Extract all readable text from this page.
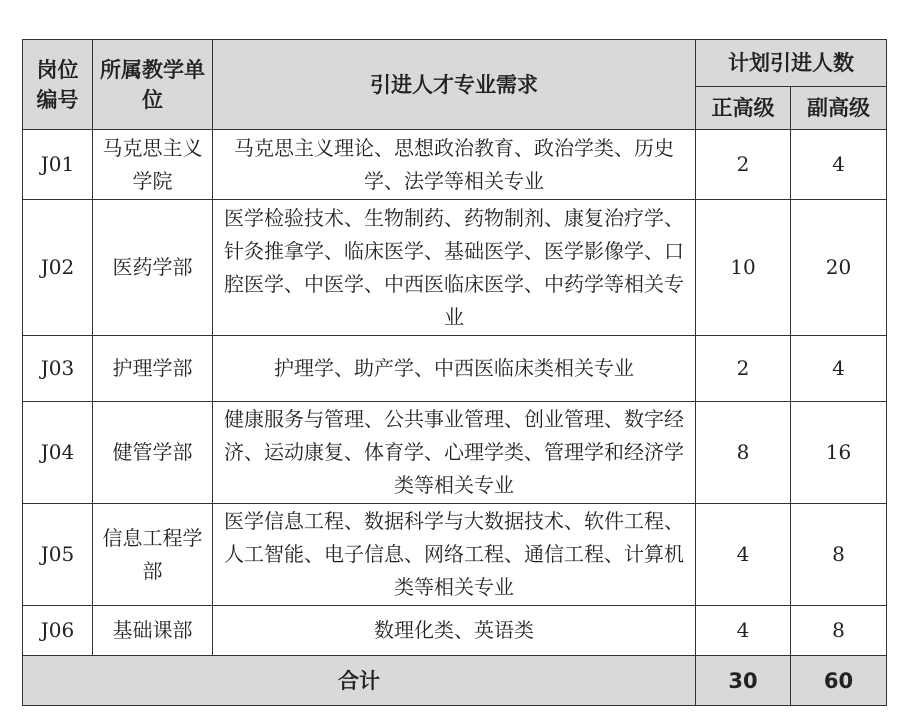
岗位编号	所属教学单位	引进人才专业需求	计划引进人数	
			正高级	副高级
J01	马克思主义学院	马克思主义理论、思想政治教育、政治学类、历史学、法学等相关专业	2	4
J02	医药学部	医学检验技术、生物制药、药物制剂、康复治疗学、针灸推拿学、临床医学、基础医学、医学影像学、口腔医学、中医学、中西医临床医学、中药学等相关专业	10	20
J03	护理学部	护理学、助产学、中西医临床类相关专业	2	4
J04	健管学部	健康服务与管理、公共事业管理、创业管理、数字经济、运动康复、体育学、心理学类、管理学和经济学类等相关专业	8	16
J05	信息工程学部	医学信息工程、数据科学与大数据技术、软件工程、人工智能、电子信息、网络工程、通信工程、计算机类等相关专业	4	8
J06	基础课部	数理化类、英语类	4	8
合计			30	60
